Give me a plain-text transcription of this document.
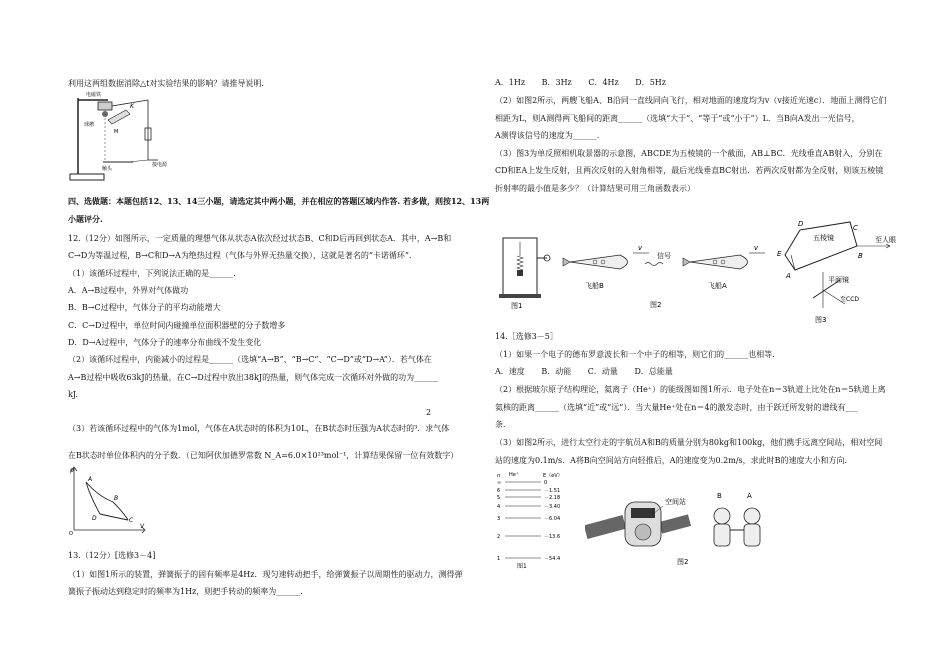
利用这两组数据消除△t对实验结果的影响？请推导说明.
电磁铁
K
球槽
M
触头
接电源
四、选做题：本题包括12、13、14三小题，请选定其中两小题，并在相应的答题区域内作答. 若多做，则按12、13两
小题评分.
12.（12分）如图所示，一定质量的理想气体从状态A依次经过状态B、C和D后再回到状态A．其中，A→B和
C→D为等温过程，B→C和D→A为绝热过程（气体与外界无热量交换），这就是著名的“卡诺循环”．
（1）该循环过程中，下列说法正确的是______．
A．A→B过程中，外界对气体做功
B．B→C过程中，气体分子的平均动能增大
C．C→D过程中，单位时间内碰撞单位面积器壁的分子数增多
D．D→A过程中，气体分子的速率分布曲线不发生变化
（2）该循环过程中，内能减小的过程是______（选填“A→B”、“B→C”、“C→D”或“D→A”）．若气体在
A→B过程中吸收63kJ的热量，在C→D过程中放出38kJ的热量，则气体完成一次循环对外做的功为______
kJ.
2
（3）若该循环过程中的气体为1mol，气体在A状态时的体积为10L，在B状态时压强为A状态时的³．求气体
在B状态时单位体积内的分子数．（已知阿伏加德罗常数 N_A=6.0×10²³mol⁻¹，计算结果保留一位有效数字）
p
A
B
D	C
V
O
13.（12分）[选修3－4]
（1）如图1所示的装置，弹簧振子的固有频率是4Hz．现匀速转动把手，给弹簧振子以周期性的驱动力，测得弹
簧振子振动达到稳定时的频率为1Hz，则把手转动的频率为______．
A．1Hz B．3Hz C．4Hz D．5Hz
（2）如图2所示，两艘飞船A、B沿同一直线同向飞行，相对地面的速度均为v（v接近光速c）．地面上测得它们
相距为L，则A测得两飞船间的距离______（选填“大于”、“等于”或“小于”）L．当B向A发出一光信号，
A测得该信号的速度为______.
（3）图3为单反照相机取景器的示意图，ABCDE为五棱镜的一个截面，AB⊥BC．光线垂直AB射入，分别在
CD和EA上发生反射，且两次反射的入射角相等，最后光线垂直BC射出．若两次反射都为全反射，则该五棱镜
折射率的最小值是多少？（计算结果可用三角函数表示）
图1
v
飞船B
信号
图2
v
飞船A
D	C
E
A
B
五棱镜	至人眼
平面镜
至CCD
图3
14.［选修3－5］
（1）如果一个电子的德布罗意波长和一个中子的相等，则它们的______也相等．
A．速度 B．动能 C．动量 D．总能量
（2）根据玻尔原子结构理论，氦离子（He⁺）的能级图如图1所示．电子处在n＝3轨道上比处在n＝5轨道上离
氦核的距离______（选填“近”或“远”）．当大量He⁺处在n＝4的激发态时，由于跃迁所发射的谱线有___
条．
（3）如图2所示，进行太空行走的宇航员A和B的质量分别为80kg和100kg，他们携手远离空间站，相对空间
站的速度为0.1m/s．A将B向空间站方向轻推后，A的速度变为0.2m/s，求此时B的速度大小和方向．
n He⁺	E（eV）
∞	0
6	－1.51
5	－2.18
4	－3.40
3	－6.04
2	－13.6
1	－54.4
图1
空间站
B	A
图2
